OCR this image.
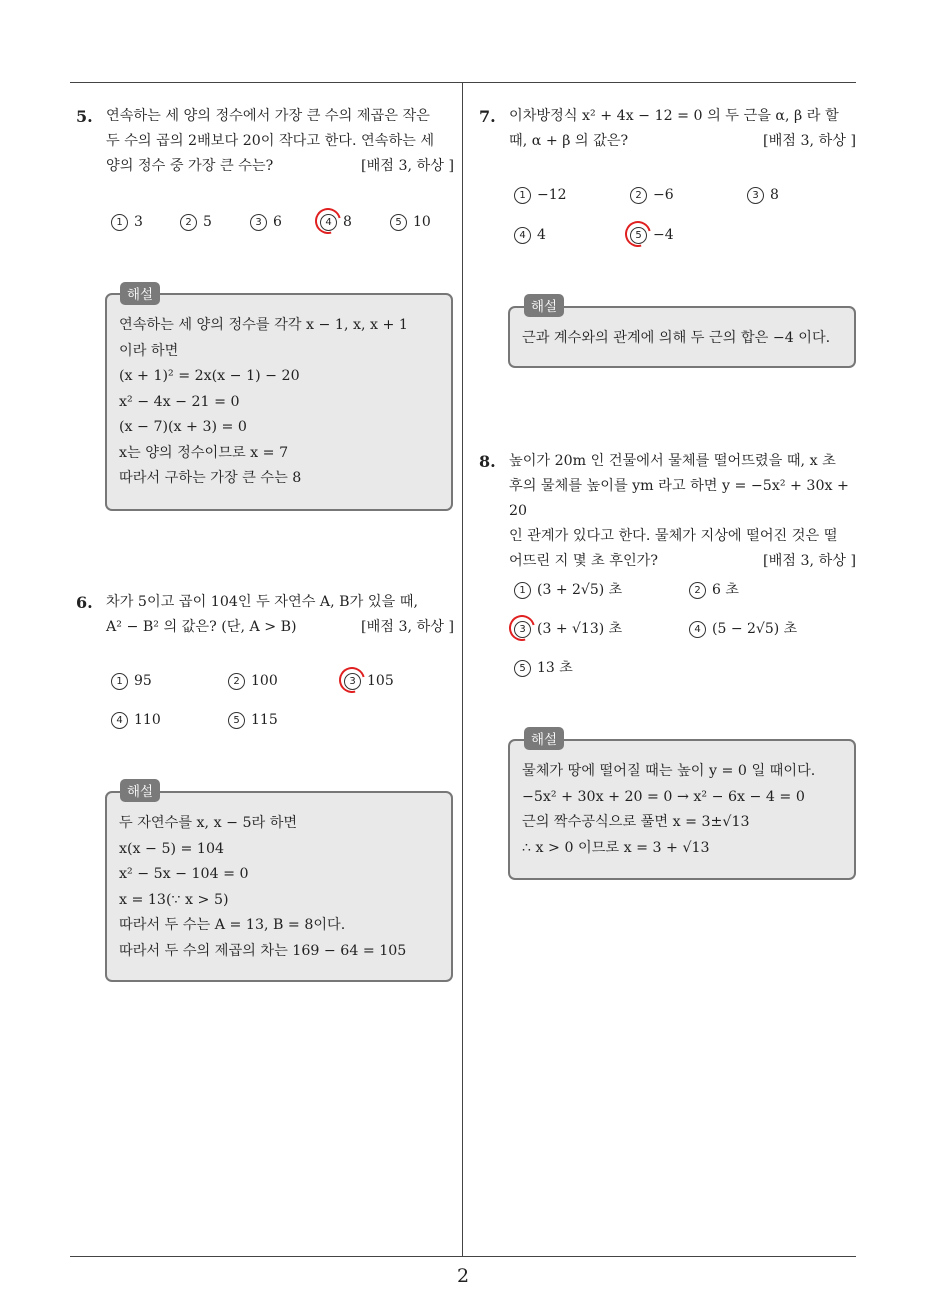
2
5. 연속하는 세 양의 정수에서 가장 큰 수의 제곱은 작은
두 수의 곱의 2배보다 20이 작다고 한다. 연속하는 세
양의 정수 중 가장 큰 수는?	[배점 3, 하상 ]
1 3	2 5	3 6	4 8	5 10
연속하는 세 양의 정수를 각각 x − 1, x, x + 1
이라 하면
(x + 1)² = 2x(x − 1) − 20
x² − 4x − 21 = 0
(x − 7)(x + 3) = 0
x는 양의 정수이므로 x = 7
따라서 구하는 가장 큰 수는 8
해설
6. 차가 5이고 곱이 104인 두 자연수 A, B가 있을 때,
A² − B² 의 값은? (단, A > B)	[배점 3, 하상 ]
1 95	2 100	3 105
4 110	5 115
두 자연수를 x, x − 5라 하면
x(x − 5) = 104
x² − 5x − 104 = 0
x = 13(∵ x > 5)
따라서 두 수는 A = 13, B = 8이다.
따라서 두 수의 제곱의 차는 169 − 64 = 105
해설
7. 이차방정식 x² + 4x − 12 = 0 의 두 근을 α, β 라 할
때, α + β 의 값은?	[배점 3, 하상 ]
1 −12	2 −6	3 8
4 4	5 −4
근과 계수와의 관계에 의해 두 근의 합은 −4 이다.
해설
8. 높이가 20m 인 건물에서 물체를 떨어뜨렸을 때, x 초
후의 물체를 높이를 ym 라고 하면 y = −5x² + 30x + 20
인 관계가 있다고 한다. 물체가 지상에 떨어진 것은 떨
어뜨린 지 몇 초 후인가?	[배점 3, 하상 ]
1 (3 + 2√5) 초	2 6 초
3 (3 + √13) 초	4 (5 − 2√5) 초
5 13 초
물체가 땅에 떨어질 때는 높이 y = 0 일 때이다.
−5x² + 30x + 20 = 0 → x² − 6x − 4 = 0
근의 짝수공식으로 풀면 x = 3±√13
∴ x > 0 이므로 x = 3 + √13
해설
